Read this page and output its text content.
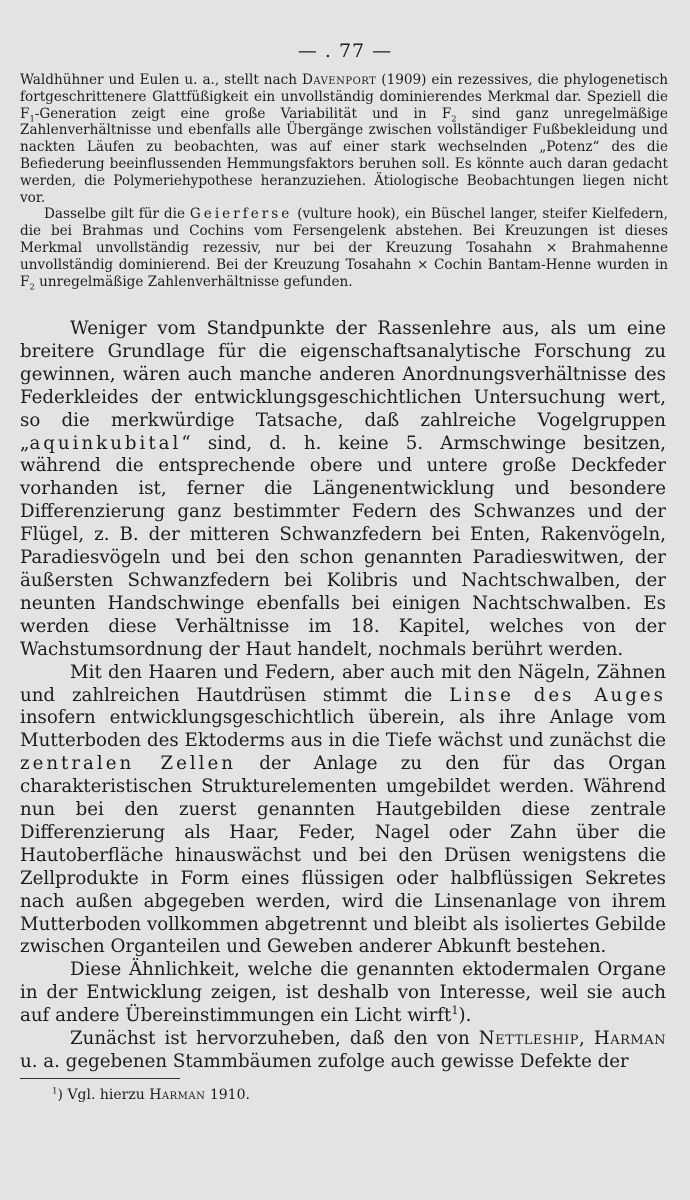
— . 77 —

Waldhühner und Eulen u. a., stellt nach Davenport (1909) ein rezessives, die phylogenetisch fortgeschrittenere Glattfüßigkeit ein unvollständig dominierendes Merkmal dar. Speziell die $F_1$-Generation zeigt eine große Variabilität und in $F_2$ sind ganz unregelmäßige Zahlenverhältnisse und ebenfalls alle Übergänge zwischen vollständiger Fußbekleidung und nackten Läufen zu beobachten, was auf einer stark wechselnden „Potenz“ des die Befiederung beeinflussenden Hemmungsfaktors beruhen soll. Es könnte auch daran gedacht werden, die Polymeriehypothese heranzuziehen. Ätiologische Beobachtungen liegen nicht vor.

Dasselbe gilt für die Geierferse (vulture hook), ein Büschel langer, steifer Kielfedern, die bei Brahmas und Cochins vom Fersengelenk abstehen. Bei Kreuzungen ist dieses Merkmal unvollständig rezessiv, nur bei der Kreuzung Tosahahn × Brahmahenne unvollständig dominierend. Bei der Kreuzung Tosahahn × Cochin Bantam-Henne wurden in $F_2$ unregelmäßige Zahlenverhältnisse gefunden.

Weniger vom Standpunkte der Rassenlehre aus, als um eine breitere Grundlage für die eigenschaftsanalytische Forschung zu gewinnen, wären auch manche anderen Anordnungsverhältnisse des Federkleides der entwicklungsgeschichtlichen Untersuchung wert, so die merkwürdige Tatsache, daß zahlreiche Vogelgruppen „aquinkubital“ sind, d. h. keine 5. Armschwinge besitzen, während die entsprechende obere und untere große Deckfeder vorhanden ist, ferner die Längenentwicklung und besondere Differenzierung ganz bestimmter Federn des Schwanzes und der Flügel, z. B. der mitteren Schwanzfedern bei Enten, Rakenvögeln, Paradiesvögeln und bei den schon genannten Paradieswitwen, der äußersten Schwanzfedern bei Kolibris und Nachtschwalben, der neunten Handschwinge ebenfalls bei einigen Nachtschwalben. Es werden diese Verhältnisse im 18. Kapitel, welches von der Wachstumsordnung der Haut handelt, nochmals berührt werden.

Mit den Haaren und Federn, aber auch mit den Nägeln, Zähnen und zahlreichen Hautdrüsen stimmt die Linse des Auges insofern entwicklungsgeschichtlich überein, als ihre Anlage vom Mutterboden des Ektoderms aus in die Tiefe wächst und zunächst die zentralen Zellen der Anlage zu den für das Organ charakteristischen Strukturelementen umgebildet werden. Während nun bei den zuerst genannten Hautgebilden diese zentrale Differenzierung als Haar, Feder, Nagel oder Zahn über die Hautoberfläche hinauswächst und bei den Drüsen wenigstens die Zellprodukte in Form eines flüssigen oder halbflüssigen Sekretes nach außen abgegeben werden, wird die Linsenanlage von ihrem Mutterboden vollkommen abgetrennt und bleibt als isoliertes Gebilde zwischen Organteilen und Geweben anderer Abkunft bestehen.

Diese Ähnlichkeit, welche die genannten ektodermalen Organe in der Entwicklung zeigen, ist deshalb von Interesse, weil sie auch auf andere Übereinstimmungen ein Licht wirft$^1$).

Zunächst ist hervorzuheben, daß den von Nettleship, Harman u. a. gegebenen Stammbäumen zufolge auch gewisse Defekte der

$^1$) Vgl. hierzu Harman 1910.
